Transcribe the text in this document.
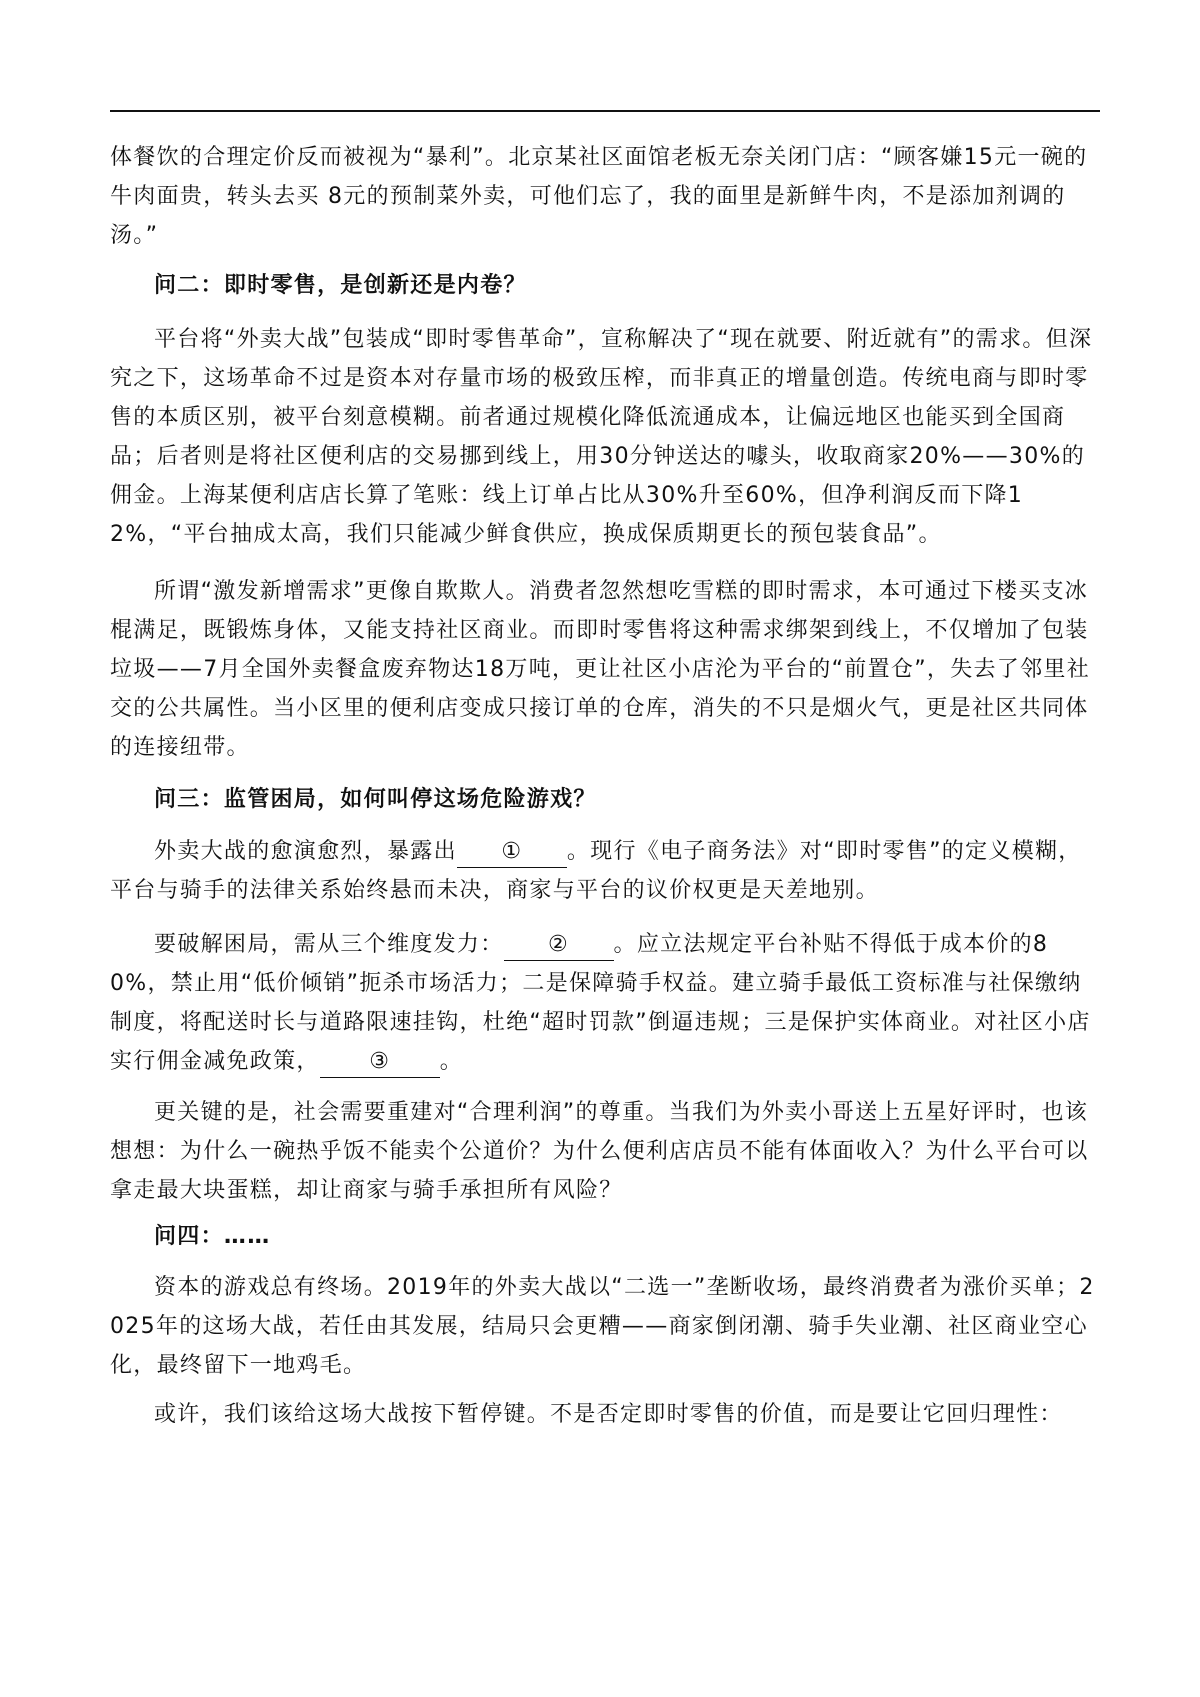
体餐饮的合理定价反而被视为“暴利”。北京某社区面馆老板无奈关闭门店：“顾客嫌15元一碗的牛肉面贵，转头去买 8元的预制菜外卖，可他们忘了，我的面里是新鲜牛肉，不是添加剂调的汤。”

问二：即时零售，是创新还是内卷？

平台将“外卖大战”包装成“即时零售革命”，宣称解决了“现在就要、附近就有”的需求。但深究之下，这场革命不过是资本对存量市场的极致压榨，而非真正的增量创造。传统电商与即时零售的本质区别，被平台刻意模糊。前者通过规模化降低流通成本，让偏远地区也能买到全国商品；后者则是将社区便利店的交易挪到线上，用30分钟送达的噱头，收取商家20%——30%的佣金。上海某便利店店长算了笔账：线上订单占比从30%升至60%，但净利润反而下降12%，“平台抽成太高，我们只能减少鲜食供应，换成保质期更长的预包装食品”。

所谓“激发新增需求”更像自欺欺人。消费者忽然想吃雪糕的即时需求，本可通过下楼买支冰棍满足，既锻炼身体，又能支持社区商业。而即时零售将这种需求绑架到线上，不仅增加了包装垃圾——7月全国外卖餐盒废弃物达18万吨，更让社区小店沦为平台的“前置仓”，失去了邻里社交的公共属性。当小区里的便利店变成只接订单的仓库，消失的不只是烟火气，更是社区共同体的连接纽带。

问三：监管困局，如何叫停这场危险游戏？

外卖大战的愈演愈烈，暴露出 ① 。现行《电子商务法》对“即时零售”的定义模糊，平台与骑手的法律关系始终悬而未决，商家与平台的议价权更是天差地别。

要破解困局，需从三个维度发力： ② 。应立法规定平台补贴不得低于成本价的80%，禁止用“低价倾销”扼杀市场活力；二是保障骑手权益。建立骑手最低工资标准与社保缴纳制度，将配送时长与道路限速挂钩，杜绝“超时罚款”倒逼违规；三是保护实体商业。对社区小店实行佣金减免政策， ③ 。

更关键的是，社会需要重建对“合理利润”的尊重。当我们为外卖小哥送上五星好评时，也该想想：为什么一碗热乎饭不能卖个公道价？为什么便利店店员不能有体面收入？为什么平台可以拿走最大块蛋糕，却让商家与骑手承担所有风险？

问四：……

资本的游戏总有终场。2019年的外卖大战以“二选一”垄断收场，最终消费者为涨价买单；2025年的这场大战，若任由其发展，结局只会更糟——商家倒闭潮、骑手失业潮、社区商业空心化，最终留下一地鸡毛。

或许，我们该给这场大战按下暂停键。不是否定即时零售的价值，而是要让它回归理性：
